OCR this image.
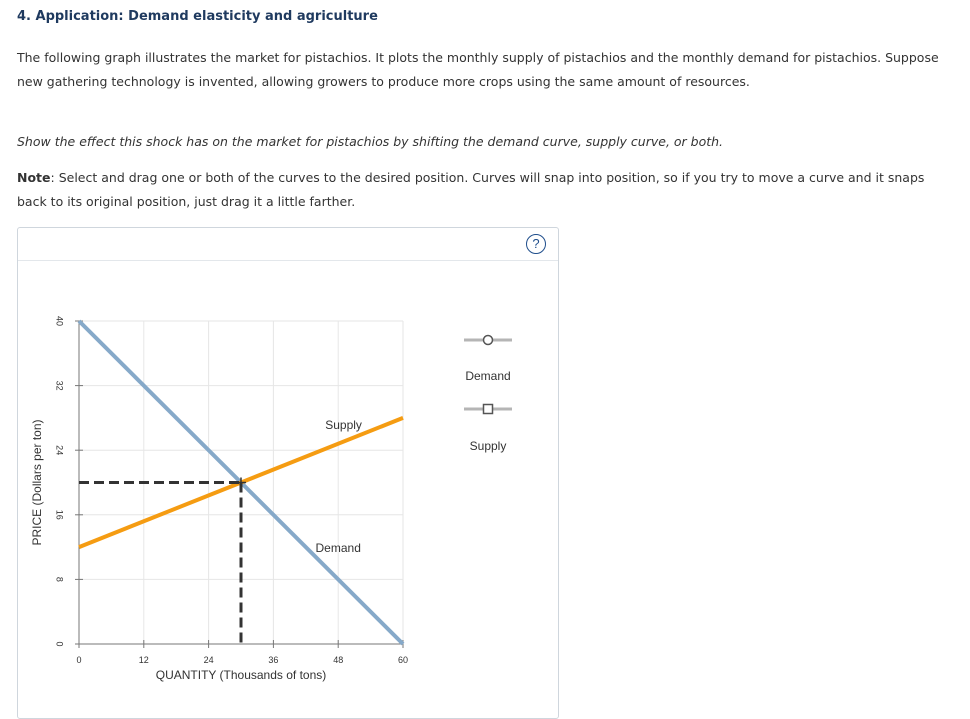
4. Application: Demand elasticity and agriculture

The following graph illustrates the market for pistachios. It plots the monthly supply of pistachios and the monthly demand for pistachios. Suppose new gathering technology is invented, allowing growers to produce more crops using the same amount of resources.

Show the effect this shock has on the market for pistachios by shifting the demand curve, supply curve, or both.

Note: Select and drag one or both of the curves to the desired position. Curves will snap into position, so if you try to move a curve and it snaps back to its original position, just drag it a little farther.

?
0	12	24	36	48	60
0
8
16
24
32
40
QUANTITY (Thousands of tons)
PRICE (Dollars per ton)	Supply
Demand
Demand
Supply
